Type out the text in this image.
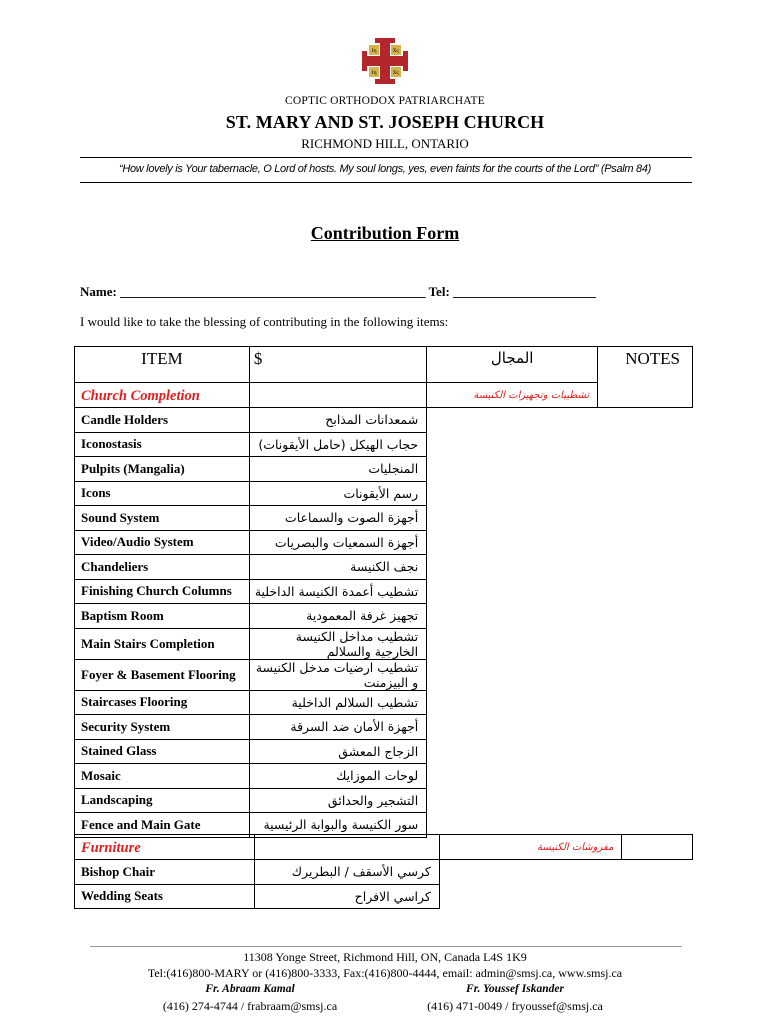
Ιη	Χς
Ιη	Χς
COPTIC ORTHODOX PATRIARCHATE
ST. MARY AND ST. JOSEPH CHURCH
RICHMOND HILL, ONTARIO
“How lovely is Your tabernacle, O Lord of hosts. My soul longs, yes, even faints for the courts of the Lord” (Psalm 84)
Contribution Form
Name: _______________________________________________ Tel: ______________________
I would like to take the blessing of contributing in the following items:
ITEM	$	المجال	NOTES
Church Completion		تشطيبات وتجهيزات الكنيسة	
Candle Holders	شمعدانات المذابح		
Iconostasis	حجاب الهيكل (حامل الأيقونات)		
Pulpits (Mangalia)	المنجليات		
Icons	رسم الأيقونات		
Sound System	أجهزة الصوت والسماعات		
Video/Audio System	أجهزة السمعيات والبصريات		
Chandeliers	نجف الكنيسة		
Finishing Church Columns	تشطيب أعمدة الكنيسة الداخلية		
Baptism Room	تجهيز غرفة المعمودية		
Main Stairs Completion	تشطيب مداخل الكنيسة الخارجية والسلالم		
Foyer & Basement Flooring	تشطيب ارضيات مدخل الكنيسة و البيزمنت		
Staircases Flooring	تشطيب السلالم الداخلية		
Security System	أجهزة الأمان ضد السرقة		
Stained Glass	الزجاج المعشق		
Mosaic	لوحات الموزايك		
Landscaping	التشجير والحدائق		
Fence and Main Gate	سور الكنيسة والبوابة الرئيسية		
Furniture		مفروشات الكنيسة	
Bishop Chair	كرسي الأسقف / البطريرك		
Wedding Seats	كراسي الافراح		
11308 Yonge Street, Richmond Hill, ON, Canada L4S 1K9
Tel:(416)800-MARY or (416)800-3333, Fax:(416)800-4444, email: admin@smsj.ca, www.smsj.ca
Fr. Abraam Kamal	Fr. Youssef Iskander
(416) 274-4744 / frabraam@smsj.ca	(416) 471-0049 / fryoussef@smsj.ca
